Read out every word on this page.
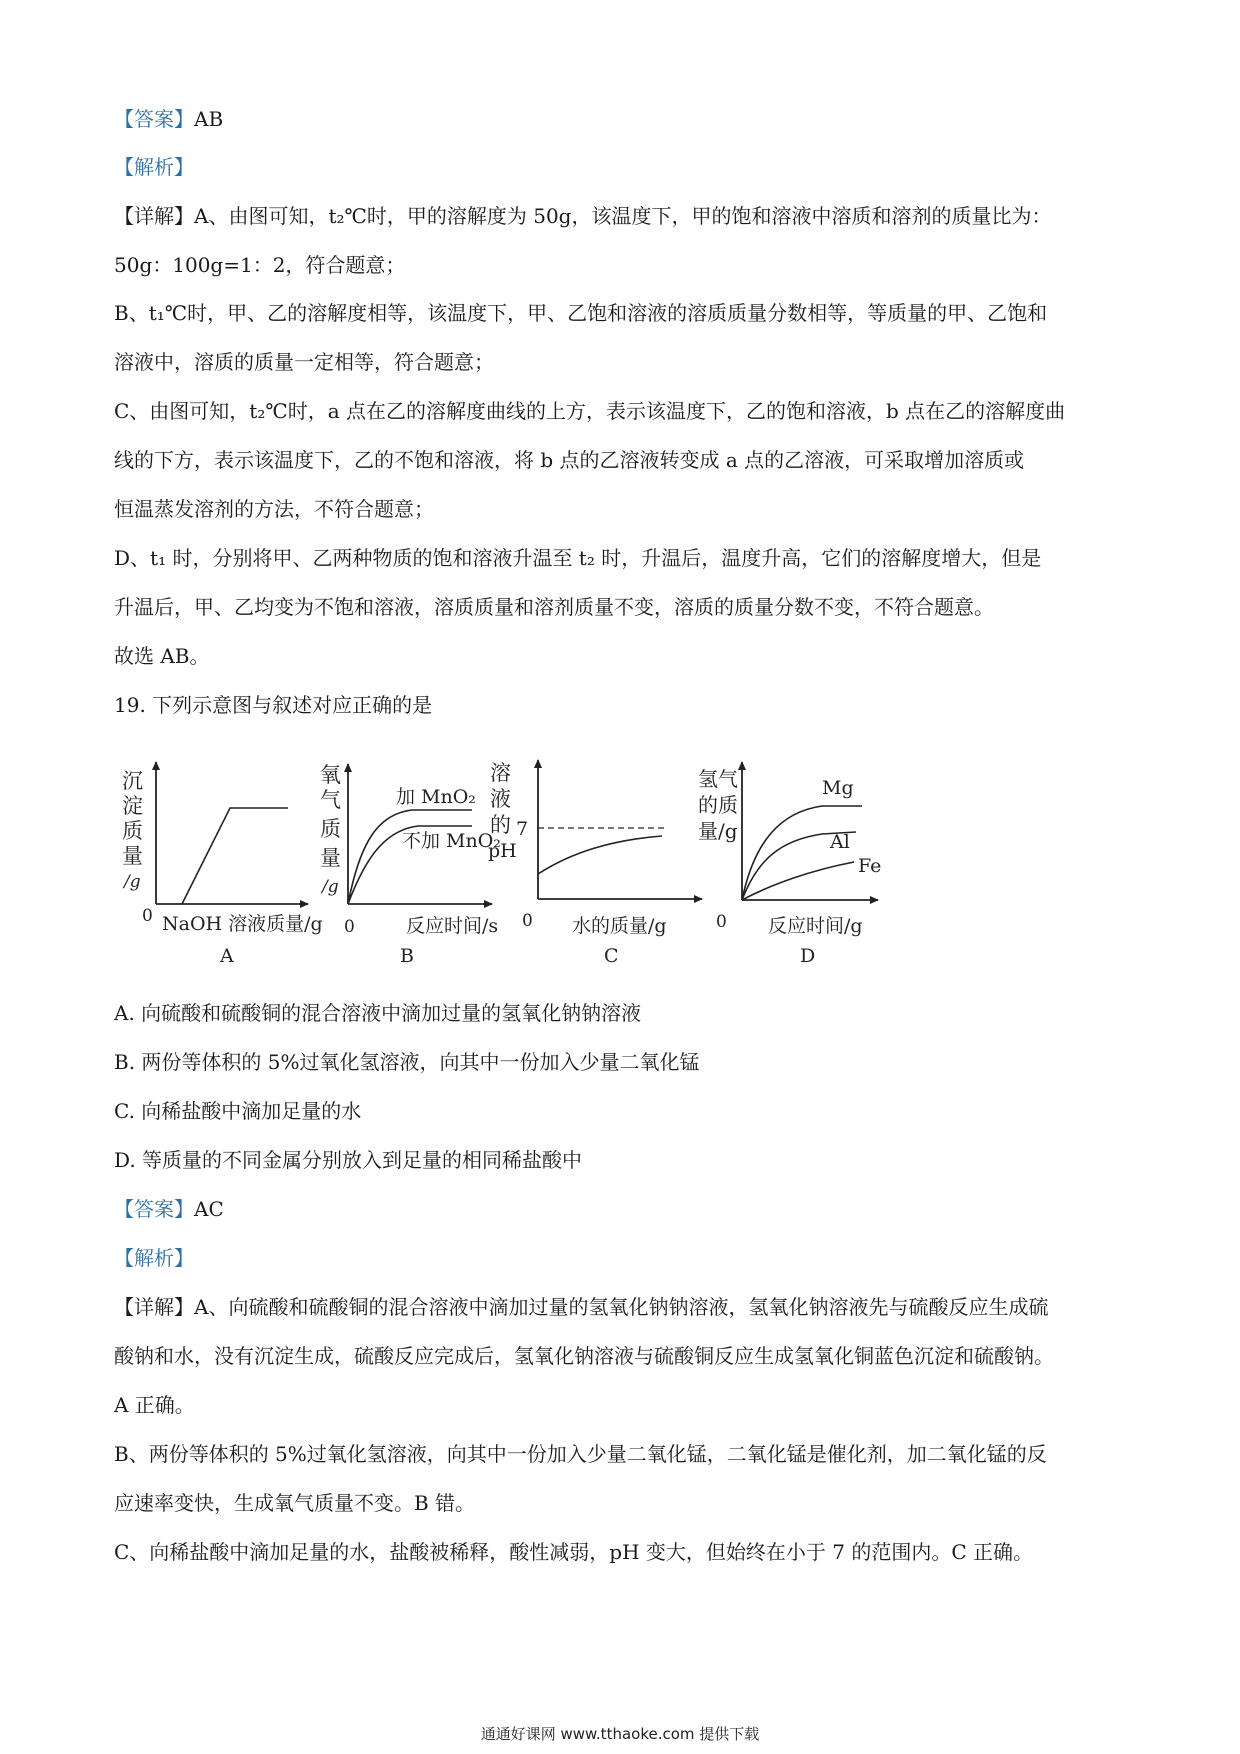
【答案】AB
【解析】
【详解】A、由图可知，t₂℃时，甲的溶解度为 50g，该温度下，甲的饱和溶液中溶质和溶剂的质量比为：
50g：100g=1：2，符合题意；
B、t₁℃时，甲、乙的溶解度相等，该温度下，甲、乙饱和溶液的溶质质量分数相等，等质量的甲、乙饱和
溶液中，溶质的质量一定相等，符合题意；
C、由图可知，t₂℃时，a 点在乙的溶解度曲线的上方，表示该温度下，乙的饱和溶液，b 点在乙的溶解度曲
线的下方，表示该温度下，乙的不饱和溶液，将 b 点的乙溶液转变成 a 点的乙溶液，可采取增加溶质或
恒温蒸发溶剂的方法，不符合题意；
D、t₁ 时，分别将甲、乙两种物质的饱和溶液升温至 t₂ 时，升温后，温度升高，它们的溶解度增大，但是
升温后，甲、乙均变为不饱和溶液，溶质质量和溶剂质量不变，溶质的质量分数不变，不符合题意。
故选 AB。
19. 下列示意图与叙述对应正确的是
沉
淀
质
量
/g
0 NaOH 溶液质量/g
A
氧
气
质
量
/g
加 MnO₂
不加 MnO₂
0	反应时间/s
B
溶
液
的
pH
7
0 水的质量/g
C
氢气
的质
量/g
Mg
Al
Fe
0 反应时间/g
D
A. 向硫酸和硫酸铜的混合溶液中滴加过量的氢氧化钠钠溶液
B. 两份等体积的 5%过氧化氢溶液，向其中一份加入少量二氧化锰
C. 向稀盐酸中滴加足量的水
D. 等质量的不同金属分别放入到足量的相同稀盐酸中
【答案】AC
【解析】
【详解】A、向硫酸和硫酸铜的混合溶液中滴加过量的氢氧化钠钠溶液，氢氧化钠溶液先与硫酸反应生成硫
酸钠和水，没有沉淀生成，硫酸反应完成后，氢氧化钠溶液与硫酸铜反应生成氢氧化铜蓝色沉淀和硫酸钠。
A 正确。
B、两份等体积的 5%过氧化氢溶液，向其中一份加入少量二氧化锰，二氧化锰是催化剂，加二氧化锰的反
应速率变快，生成氧气质量不变。B 错。
C、向稀盐酸中滴加足量的水，盐酸被稀释，酸性减弱，pH 变大，但始终在小于 7 的范围内。C 正确。
通通好课网 www.tthaoke.com 提供下载
